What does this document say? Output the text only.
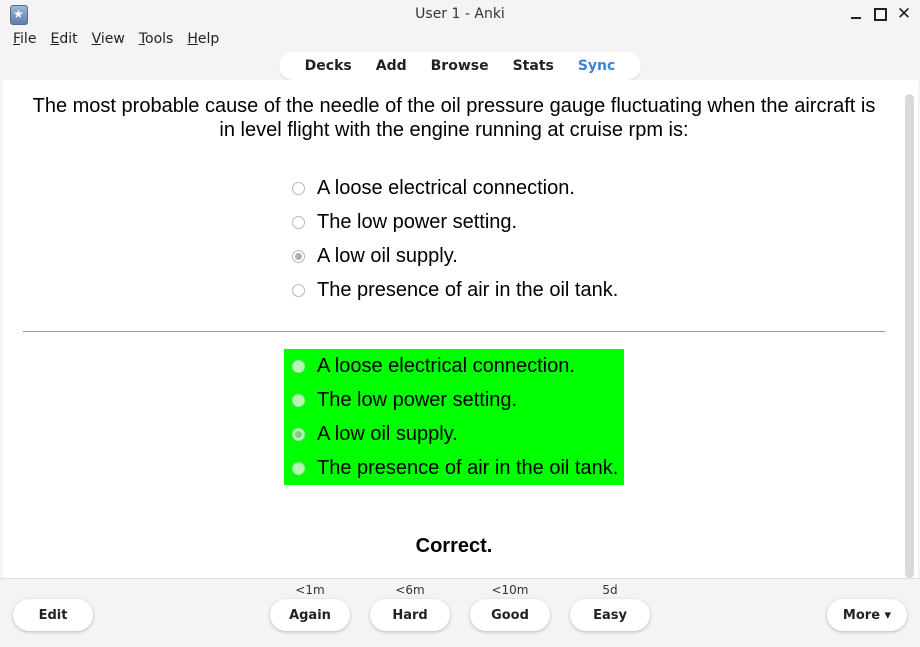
★
User 1 - Anki	✕
File	Edit	View	Tools	Help
Decks	Add	Browse	Stats	Sync
The most probable cause of the needle of the oil pressure gauge fluctuating when the aircraft is in level flight with the engine running at cruise rpm is:
A loose electrical connection.
The low power setting.
A low oil supply.
The presence of air in the oil tank.
A loose electrical connection.
The low power setting.
A low oil supply.
The presence of air in the oil tank.
Correct.
Edit
<1m
Again
<6m
Hard
<10m
Good
5d
Easy	More ▾
